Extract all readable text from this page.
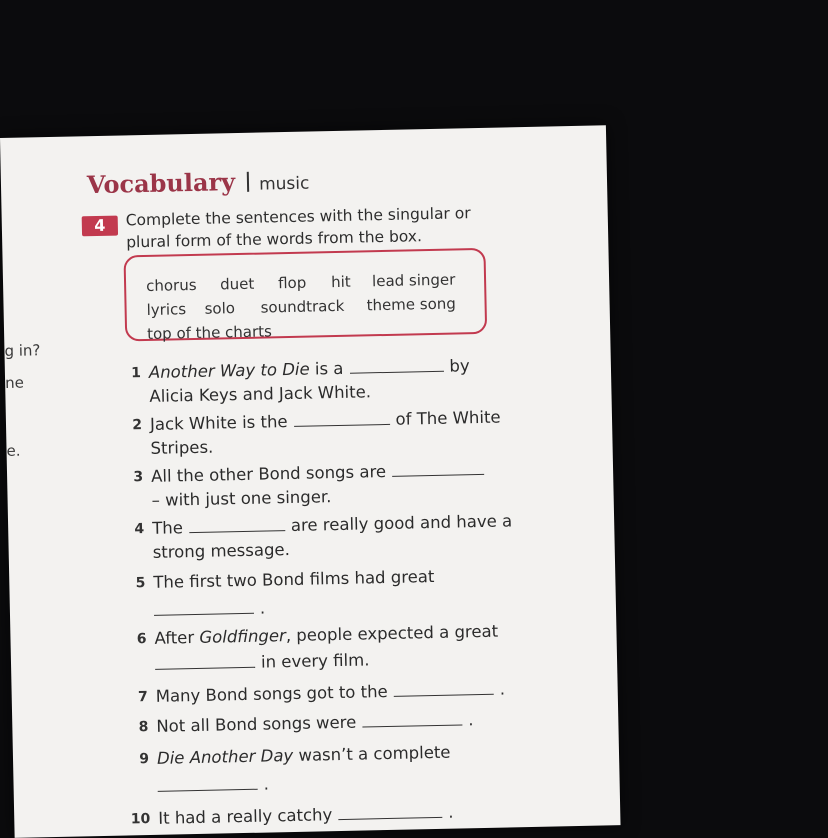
g in?
ne
e.
Vocabulary music
4	Complete the sentences with the singular or
plural form of the words from the box.
chorus duet flop hit lead singer
lyrics solo soundtrack theme song
top of the charts
1 Another Way to Die is a	by
Alicia Keys and Jack White.
2 Jack White is the	of The White
Stripes.
3 All the other Bond songs are
– with just one singer.
4 The	are really good and have a
strong message.
5 The first two Bond films had great
.
6 After Goldfinger, people expected a great
in every film.
7 Many Bond songs got to the	.
8 Not all Bond songs were	.
9 Die Another Day wasn’t a complete
.
10 It had a really catchy	.
